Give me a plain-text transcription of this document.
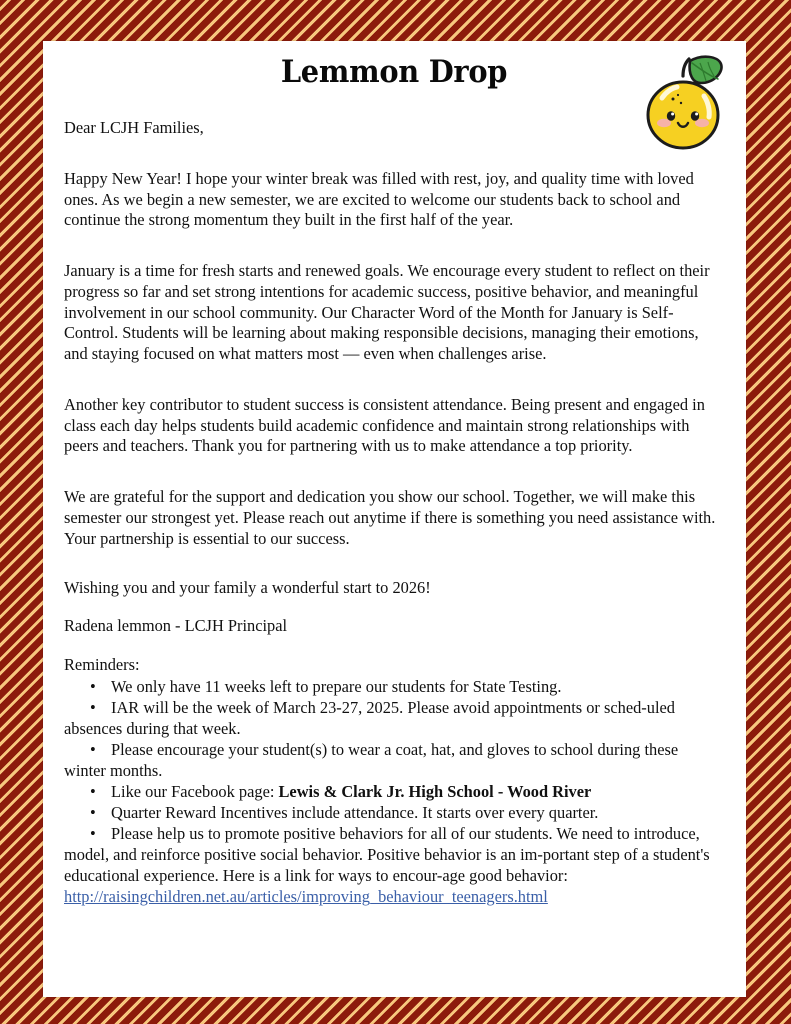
Lemmon Drop

Dear LCJH Families,

Happy New Year! I hope your winter break was filled with rest, joy, and quality time with loved ones. As we begin a new semester, we are excited to welcome our students back to school and continue the strong momentum they built in the first half of the year.

January is a time for fresh starts and renewed goals. We encourage every student to reflect on their progress so far and set strong intentions for academic success, positive behavior, and meaningful involvement in our school community. Our Character Word of the Month for January is Self-Control. Students will be learning about making responsible decisions, managing their emotions, and staying focused on what matters most — even when challenges arise.

Another key contributor to student success is consistent attendance. Being present and engaged in class each day helps students build academic confidence and maintain strong relationships with peers and teachers. Thank you for partnering with us to make attendance a top priority.

We are grateful for the support and dedication you show our school. Together, we will make this semester our strongest yet. Please reach out anytime if there is something you need assistance with. Your partnership is essential to our success.

Wishing you and your family a wonderful start to 2026!

Radena lemmon - LCJH Principal

Reminders:
• We only have 11 weeks left to prepare our students for State Testing.
• IAR will be the week of March 23-27, 2025. Please avoid appointments or sched-uled absences during that week.
• Please encourage your student(s) to wear a coat, hat, and gloves to school during these winter months.
• Like our Facebook page: Lewis & Clark Jr. High School - Wood River
• Quarter Reward Incentives include attendance. It starts over every quarter.
• Please help us to promote positive behaviors for all of our students. We need to introduce, model, and reinforce positive social behavior. Positive behavior is an im-portant step of a student's educational experience. Here is a link for ways to encour-age good behavior:
http://raisingchildren.net.au/articles/improving_behaviour_teenagers.html
